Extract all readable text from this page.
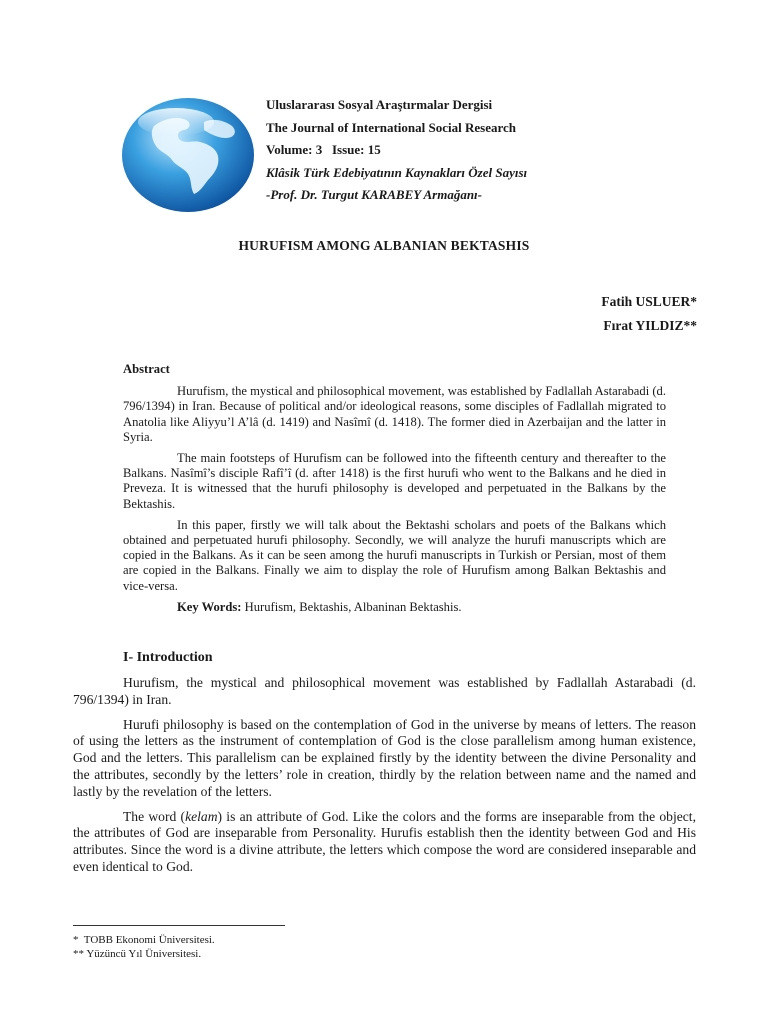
Uluslararası Sosyal Araştırmalar Dergisi
The Journal of International Social Research
Volume: 3   Issue: 15
Klâsik Türk Edebiyatının Kaynakları Özel Sayısı
-Prof. Dr. Turgut KARABEY Armağanı-
HURUFISM AMONG ALBANIAN BEKTASHIS
Fatih USLUER*
Fırat YILDIZ**
Abstract

Hurufism, the mystical and philosophical movement, was established by Fadlallah Astarabadi (d. 796/1394) in Iran. Because of political and/or ideological reasons, some disciples of Fadlallah migrated to Anatolia like Aliyyu’l A’lâ (d. 1419) and Nasîmî (d. 1418). The former died in Azerbaijan and the latter in Syria.

The main footsteps of Hurufism can be followed into the fifteenth century and thereafter to the Balkans. Nasîmî’s disciple Rafî’î (d. after 1418) is the first hurufi who went to the Balkans and he died in Preveza. It is witnessed that the hurufi philosophy is developed and perpetuated in the Balkans by the Bektashis.

In this paper, firstly we will talk about the Bektashi scholars and poets of the Balkans which obtained and perpetuated hurufi philosophy. Secondly, we will analyze the hurufi manuscripts which are copied in the Balkans. As it can be seen among the hurufi manuscripts in Turkish or Persian, most of them are copied in the Balkans. Finally we aim to display the role of Hurufism among Balkan Bektashis and vice-versa.

Key Words: Hurufism, Bektashis, Albaninan Bektashis.

I- Introduction

Hurufism, the mystical and philosophical movement was established by Fadlallah Astarabadi (d. 796/1394) in Iran.

Hurufi philosophy is based on the contemplation of God in the universe by means of letters. The reason of using the letters as the instrument of contemplation of God is the close parallelism among human existence, God and the letters. This parallelism can be explained firstly by the identity between the divine Personality and the attributes, secondly by the letters’ role in creation, thirdly by the relation between name and the named and lastly by the revelation of the letters.

The word (kelam) is an attribute of God. Like the colors and the forms are inseparable from the object, the attributes of God are inseparable from Personality. Hurufis establish then the identity between God and His attributes. Since the word is a divine attribute, the letters which compose the word are considered inseparable and even identical to God.

*  TOBB Ekonomi Üniversitesi.
** Yüzüncü Yıl Üniversitesi.
